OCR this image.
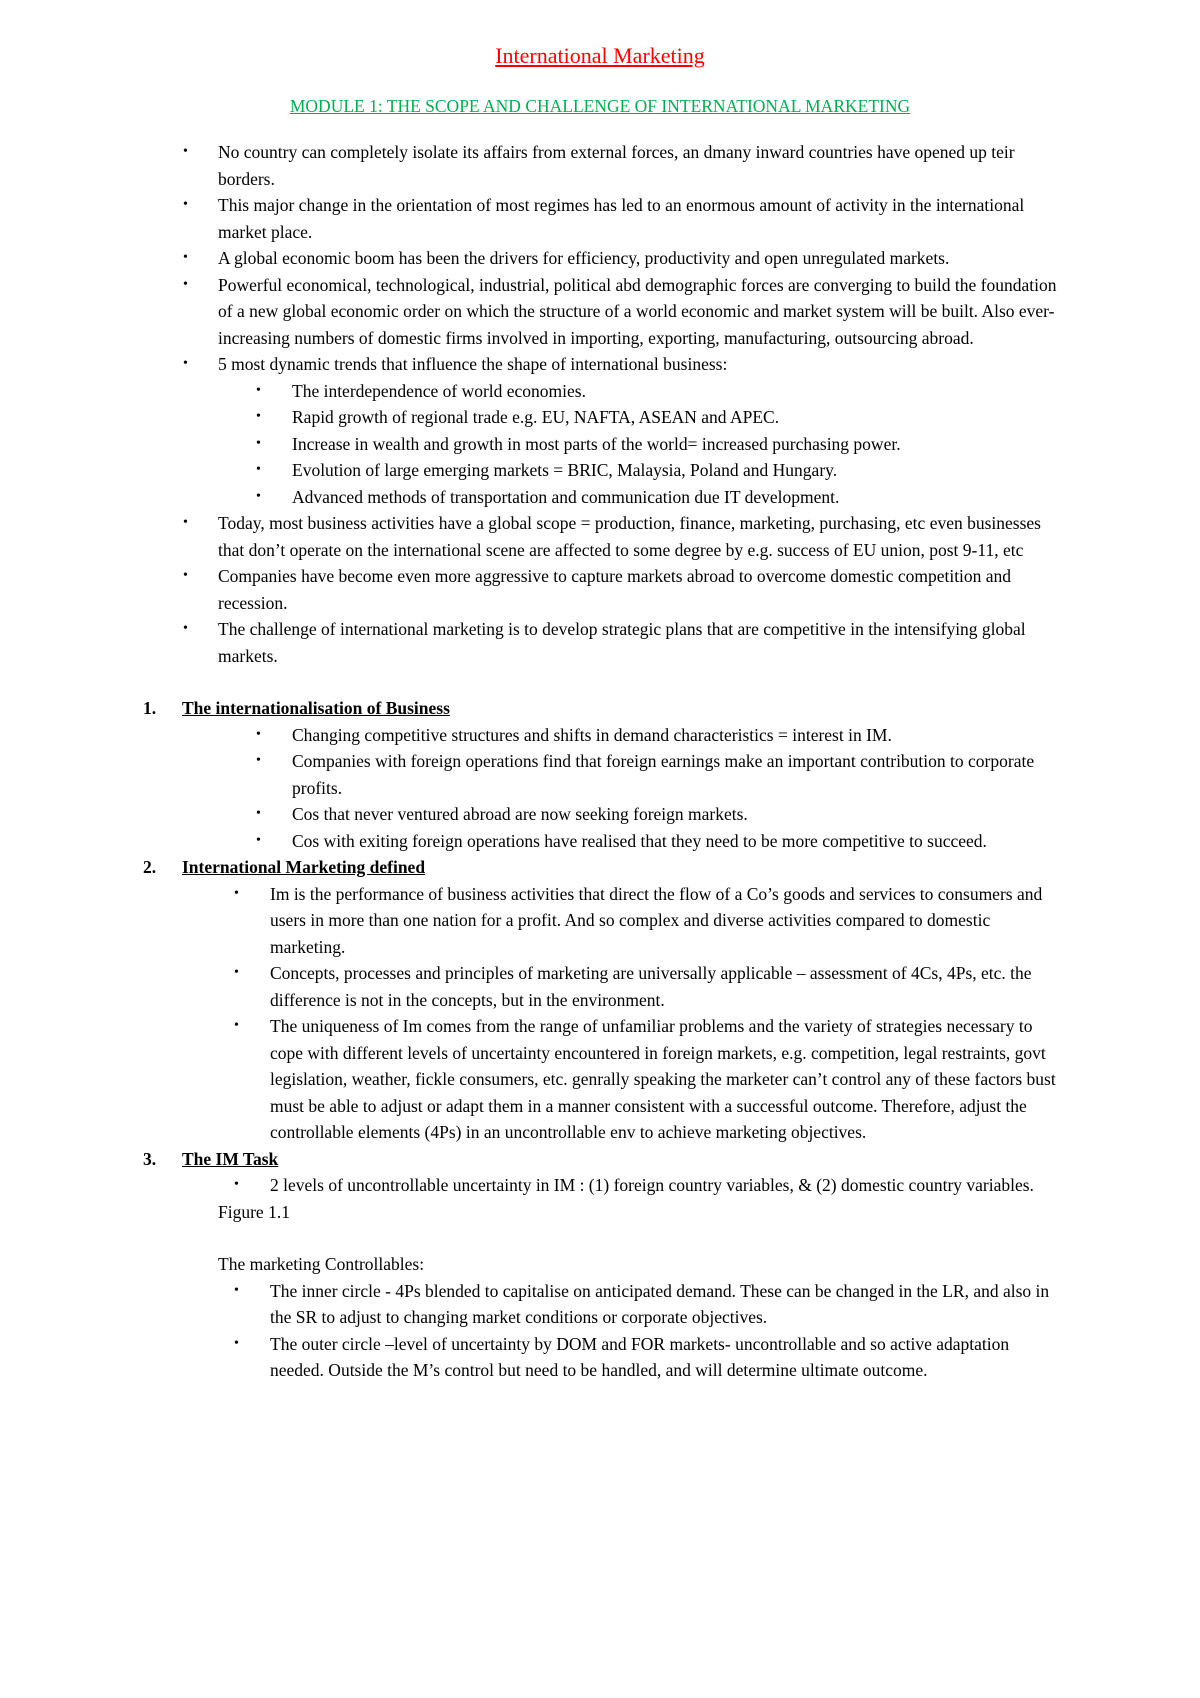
International Marketing
MODULE 1: THE SCOPE AND CHALLENGE OF INTERNATIONAL MARKETING
• No country can completely isolate its affairs from external forces, an dmany inward countries have opened up teir borders.
• This major change in the orientation of most regimes has led to an enormous amount of activity in the international market place.
• A global economic boom has been the drivers for efficiency, productivity and open unregulated markets.
• Powerful economical, technological, industrial, political abd demographic forces are converging to build the foundation of a new global economic order on which the structure of a world economic and market system will be built. Also ever-increasing numbers of domestic firms involved in importing, exporting, manufacturing, outsourcing abroad.
• 5 most dynamic trends that influence the shape of international business:
• The interdependence of world economies.
• Rapid growth of regional trade e.g. EU, NAFTA, ASEAN and APEC.
• Increase in wealth and growth in most parts of the world= increased purchasing power.
• Evolution of large emerging markets = BRIC, Malaysia, Poland and Hungary.
• Advanced methods of transportation and communication due IT development.
• Today, most business activities have a global scope = production, finance, marketing, purchasing, etc even businesses that don’t operate on the international scene are affected to some degree by e.g. success of EU union, post 9-11, etc
• Companies have become even more aggressive to capture markets abroad to overcome domestic competition and recession.
• The challenge of international marketing is to develop strategic plans that are competitive in the intensifying global markets.
1. The internationalisation of Business
• Changing competitive structures and shifts in demand characteristics = interest in IM.
• Companies with foreign operations find that foreign earnings make an important contribution to corporate profits.
• Cos that never ventured abroad are now seeking foreign markets.
• Cos with exiting foreign operations have realised that they need to be more competitive to succeed.
2. International Marketing defined
• Im is the performance of business activities that direct the flow of a Co’s goods and services to consumers and users in more than one nation for a profit. And so complex and diverse activities compared to domestic marketing.
• Concepts, processes and principles of marketing are universally applicable – assessment of 4Cs, 4Ps, etc. the difference is not in the concepts, but in the environment.
• The uniqueness of Im comes from the range of unfamiliar problems and the variety of strategies necessary to cope with different levels of uncertainty encountered in foreign markets, e.g. competition, legal restraints, govt legislation, weather, fickle consumers, etc. genrally speaking the marketer can’t control any of these factors bust must be able to adjust or adapt them in a manner consistent with a successful outcome. Therefore, adjust the controllable elements (4Ps) in an uncontrollable env to achieve marketing objectives.
3. The IM Task
• 2 levels of uncontrollable uncertainty in IM : (1) foreign country variables, & (2) domestic country variables.
Figure 1.1
The marketing Controllables:
• The inner circle - 4Ps blended to capitalise on anticipated demand. These can be changed in the LR, and also in the SR to adjust to changing market conditions or corporate objectives.
• The outer circle –level of uncertainty by DOM and FOR markets- uncontrollable and so active adaptation needed. Outside the M’s control but need to be handled, and will determine ultimate outcome.
